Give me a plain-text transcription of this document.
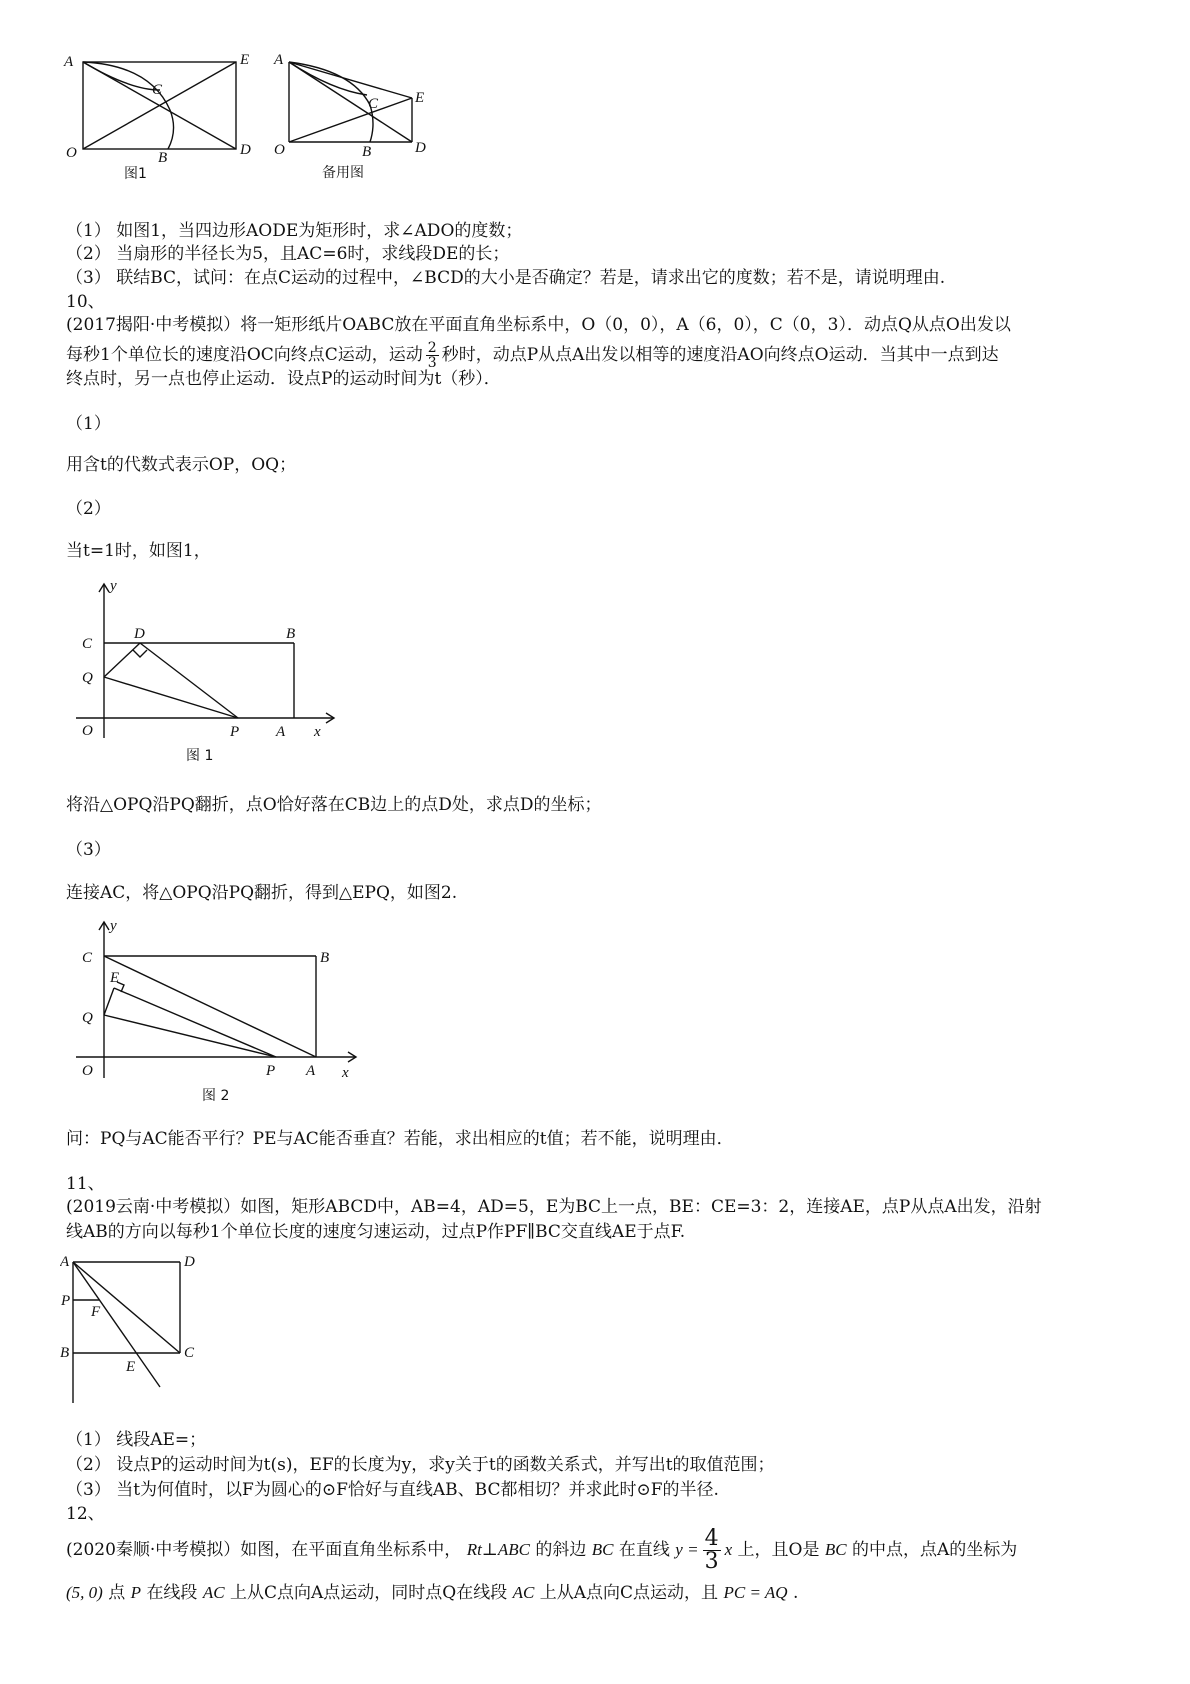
A	E
C
O	B	D
图1
A
E
C
O	B	D
备用图
（1） 如图1，当四边形AODE为矩形时，求∠ADO的度数；
（2） 当扇形的半径长为5，且AC=6时，求线段DE的长；
（3） 联结BC，试问：在点C运动的过程中，∠BCD的大小是否确定？若是，请求出它的度数；若不是，请说明理由.
10、
(2017揭阳·中考模拟）将一矩形纸片OABC放在平面直角坐标系中，O（0，0），A（6，0），C（0，3）．动点Q从点O出发以
每秒1个单位长的速度沿OC向终点C运动，运动 $\frac{2}{3}$ 秒时，动点P从点A出发以相等的速度沿AO向终点O运动．当其中一点到达
终点时，另一点也停止运动．设点P的运动时间为t（秒）．
（1）
用含t的代数式表示OP，OQ；
（2）
当t=1时，如图1，
y
C
D	B
Q
O	P A x
图 1
将沿△OPQ沿PQ翻折，点O恰好落在CB边上的点D处，求点D的坐标；
（3）
连接AC，将△OPQ沿PQ翻折，得到△EPQ，如图2.
y
C
E
B
Q
O	P A x
图 2
问：PQ与AC能否平行？PE与AC能否垂直？若能，求出相应的t值；若不能，说明理由．
11、
(2019云南·中考模拟）如图，矩形ABCD中，AB=4，AD=5，E为BC上一点，BE：CE=3：2，连接AE，点P从点A出发，沿射
线AB的方向以每秒1个单位长度的速度匀速运动，过点P作PF∥BC交直线AE于点F.
A	D
P
F
B	C
E
（1） 线段AE=；
（2） 设点P的运动时间为t(s)，EF的长度为y，求y关于t的函数关系式，并写出t的取值范围；
（3） 当t为何值时，以F为圆心的⊙F恰好与直线AB、BC都相切？并求此时⊙F的半径.
12、
(2020秦顺·中考模拟）如图，在平面直角坐标系中， Rt⊥ABC 的斜边 BC 在直线 $y = \frac{4}{3}$ x 上，且O是 BC 的中点，点A的坐标为
(5, 0) 点 P 在线段 AC 上从C点向A点运动，同时点Q在线段 AC 上从A点向C点运动，且 PC = AQ .
